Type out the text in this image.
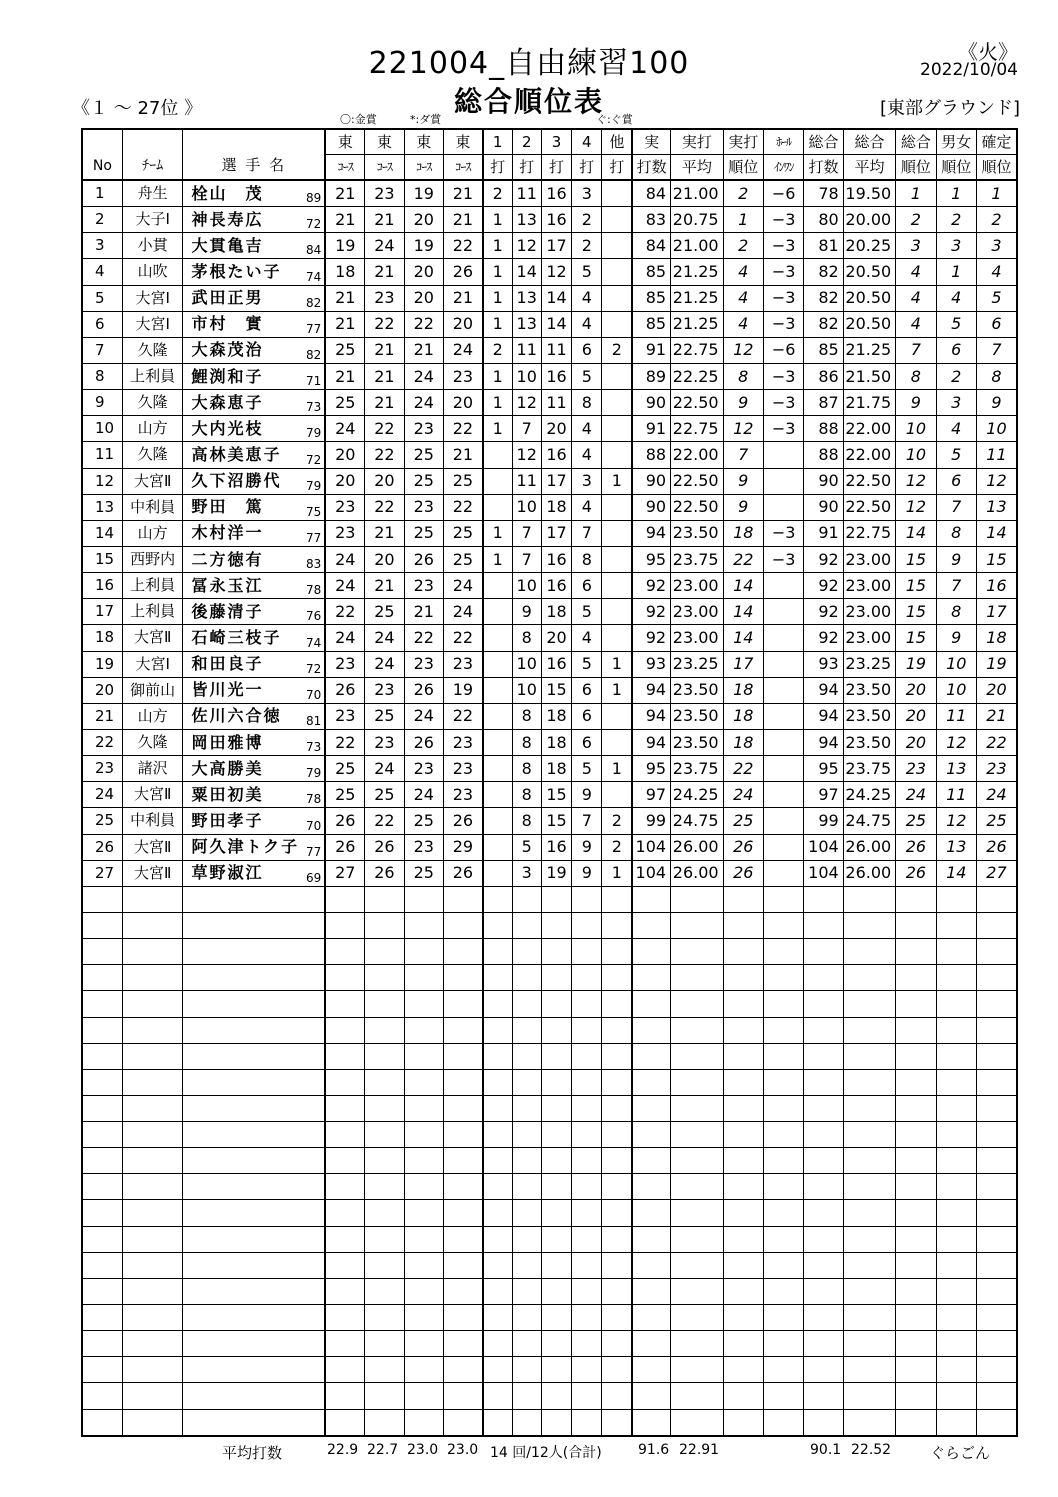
221004_自由練習100
総合順位表
《火》
2022/10/04
《１ ～ 27位 》	[東部グラウンド]
〇:金賞	*:ダ賞	ぐ:ぐ賞
No	ﾁｰﾑ	選 手 名	東	東	東	東	1	2	3	4	他	実	実打	実打	ﾎｰﾙ	総合	総合	総合	男女	確定
			ｺｰｽ	ｺｰｽ	ｺｰｽ	ｺｰｽ	打	打	打	打	打	打数	平均	順位	ｲﾝﾜﾝ	打数	平均	順位	順位	順位
1	舟生	栓山　茂 89	21	23	19	21	2	11	16	3		84	21.00	2	−6	78	19.50	1	1	1
2	大子Ⅰ	神長寿広 72	21	21	20	21	1	13	16	2		83	20.75	1	−3	80	20.00	2	2	2
3	小貫	大貫亀吉 84	19	24	19	22	1	12	17	2		84	21.00	2	−3	81	20.25	3	3	3
4	山吹	茅根たい子 74	18	21	20	26	1	14	12	5		85	21.25	4	−3	82	20.50	4	1	4
5	大宮Ⅰ	武田正男 82	21	23	20	21	1	13	14	4		85	21.25	4	−3	82	20.50	4	4	5
6	大宮Ⅰ	市村　實 77	21	22	22	20	1	13	14	4		85	21.25	4	−3	82	20.50	4	5	6
7	久隆	大森茂治 82	25	21	21	24	2	11	11	6	2	91	22.75	12	−6	85	21.25	7	6	7
8	上利員	鯉渕和子 71	21	21	24	23	1	10	16	5		89	22.25	8	−3	86	21.50	8	2	8
9	久隆	大森恵子 73	25	21	24	20	1	12	11	8		90	22.50	9	−3	87	21.75	9	3	9
10	山方	大内光枝 79	24	22	23	22	1	7	20	4		91	22.75	12	−3	88	22.00	10	4	10
11	久隆	高林美恵子 72	20	22	25	21		12	16	4		88	22.00	7		88	22.00	10	5	11
12	大宮Ⅱ	久下沼勝代 79	20	20	25	25		11	17	3	1	90	22.50	9		90	22.50	12	6	12
13	中利員	野田　篤 75	23	22	23	22		10	18	4		90	22.50	9		90	22.50	12	7	13
14	山方	木村洋一 77	23	21	25	25	1	7	17	7		94	23.50	18	−3	91	22.75	14	8	14
15	西野内	二方徳有 83	24	20	26	25	1	7	16	8		95	23.75	22	−3	92	23.00	15	9	15
16	上利員	冨永玉江 78	24	21	23	24		10	16	6		92	23.00	14		92	23.00	15	7	16
17	上利員	後藤清子 76	22	25	21	24		9	18	5		92	23.00	14		92	23.00	15	8	17
18	大宮Ⅱ	石崎三枝子 74	24	24	22	22		8	20	4		92	23.00	14		92	23.00	15	9	18
19	大宮Ⅰ	和田良子 72	23	24	23	23		10	16	5	1	93	23.25	17		93	23.25	19	10	19
20	御前山	皆川光一 70	26	23	26	19		10	15	6	1	94	23.50	18		94	23.50	20	10	20
21	山方	佐川六合徳 81	23	25	24	22		8	18	6		94	23.50	18		94	23.50	20	11	21
22	久隆	岡田雅博 73	22	23	26	23		8	18	6		94	23.50	18		94	23.50	20	12	22
23	諸沢	大高勝美 79	25	24	23	23		8	18	5	1	95	23.75	22		95	23.75	23	13	23
24	大宮Ⅱ	粟田初美 78	25	25	24	23		8	15	9		97	24.25	24		97	24.25	24	11	24
25	中利員	野田孝子 70	26	22	25	26		8	15	7	2	99	24.75	25		99	24.75	25	12	25
26	大宮Ⅱ	阿久津トク子 77	26	26	23	29		5	16	9	2	104	26.00	26		104	26.00	26	13	26
27	大宮Ⅱ	草野淑江 69	27	26	25	26		3	19	9	1	104	26.00	26		104	26.00	26	14	27

平均打数	22.9 22.7 23.0 23.0 14 回/12人(合計)	91.6 22.91	90.1 22.52	ぐらごん
